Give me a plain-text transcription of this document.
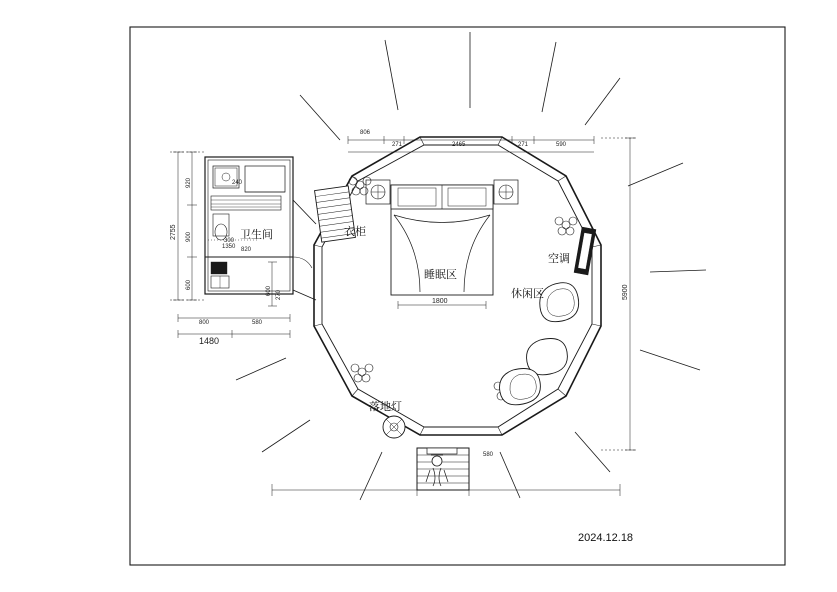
卫生间	衣柜
睡眠区
空调
休闲区
落地灯
5900
2755
1480
1800
806
271	2465	271	590
920
900
600
300
820
600
800	580
580
240
1350
270
2024.12.18
